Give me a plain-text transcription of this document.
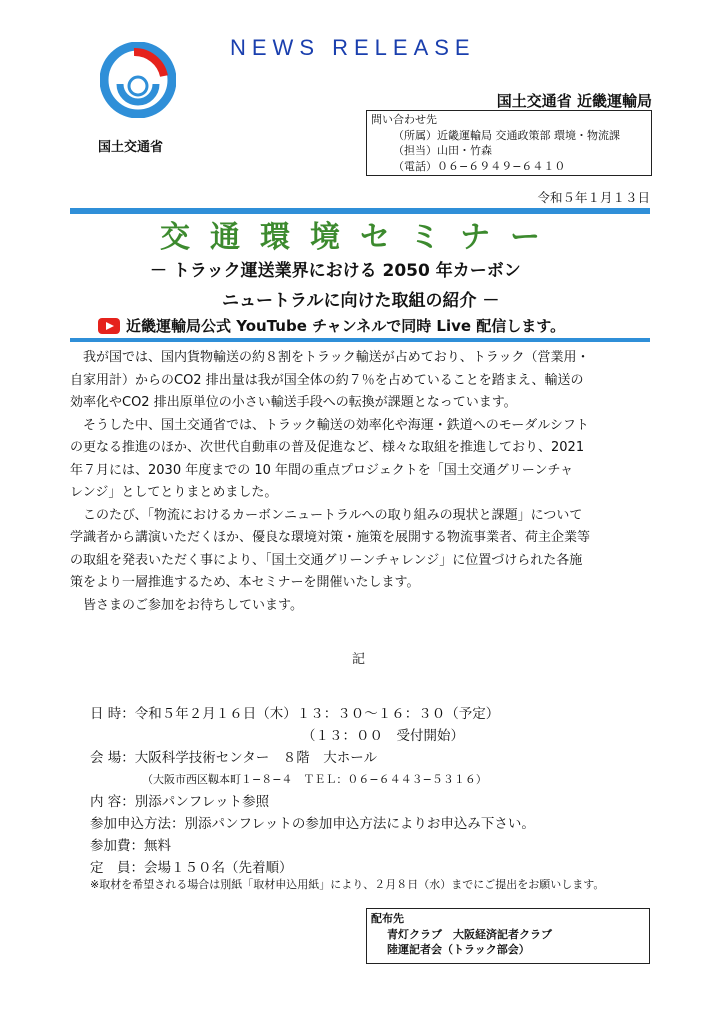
国土交通省
NEWS RELEASE
国土交通省 近畿運輸局
問い合わせ先
（所属）近畿運輸局 交通政策部 環境・物流課
（担当）山田・竹森
（電話）０６−６９４９−６４１０
令和５年１月１３日
交通環境セミナー
－ トラック運送業界における 2050 年カーボン
ニュートラルに向けた取組の紹介 －
近畿運輸局公式 YouTube チャンネルで同時 Live 配信します。

　我が国では、国内貨物輸送の約８割をトラック輸送が占めており、トラック（営業用・

自家用計）からのCO2 排出量は我が国全体の約７％を占めていることを踏まえ、輸送の

効率化やCO2 排出原単位の小さい輸送手段への転換が課題となっています。

　そうした中、国土交通省では、トラック輸送の効率化や海運・鉄道へのモーダルシフト

の更なる推進のほか、次世代自動車の普及促進など、様々な取組を推進しており、2021

年７月には、2030 年度までの 10 年間の重点プロジェクトを「国土交通グリーンチャ

レンジ」としてとりまとめました。

　このたび、「物流におけるカーボンニュートラルへの取り組みの現状と課題」について

学識者から講演いただくほか、優良な環境対策・施策を展開する物流事業者、荷主企業等

の取組を発表いただく事により、「国土交通グリーンチャレンジ」に位置づけられた各施

策をより一層推進するため、本セミナーを開催いたします。

　皆さまのご参加をお待ちしています。

記
日 時：令和５年２月１６日（木）１３：３０～１６：３０（予定）
（１３：００　受付開始）
会 場：大阪科学技術センター　８階　大ホール
（大阪市西区靱本町１−８−４　ＴＥＬ：０６−６４４３−５３１６）
内 容：別添パンフレット参照
参加申込方法：別添パンフレットの参加申込方法によりお申込み下さい。
参加費：無料
定　員：会場１５０名（先着順）
※取材を希望される場合は別紙「取材申込用紙」により、２月８日（水）までにご提出をお願いします。
配布先
青灯クラブ　大阪経済記者クラブ
陸運記者会（トラック部会）
